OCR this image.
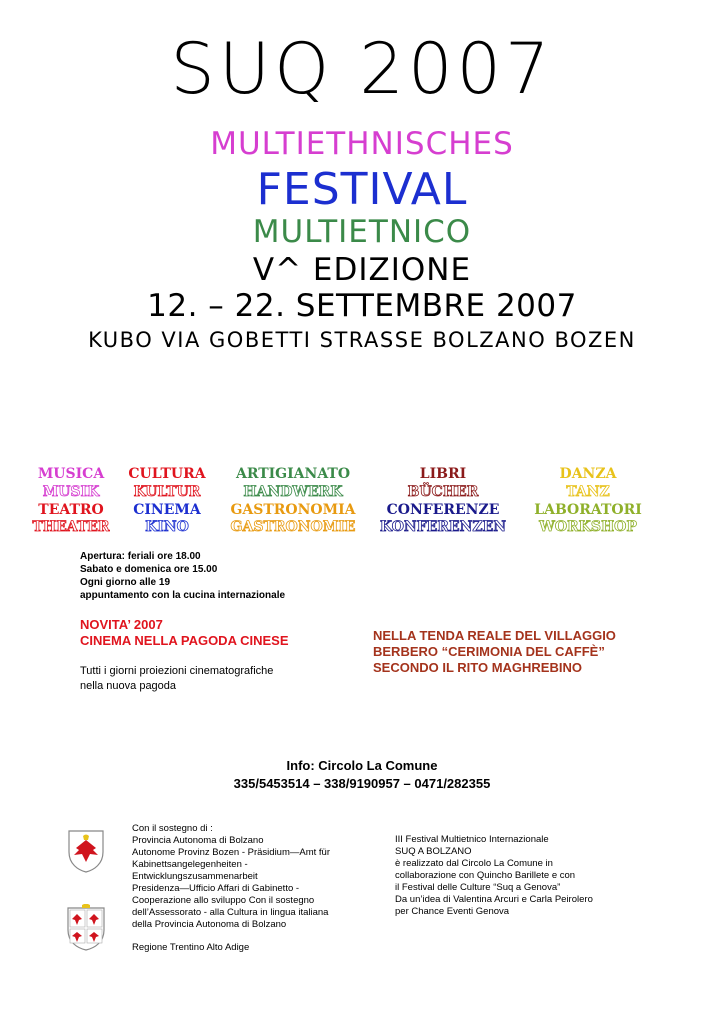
SUQ 2007
MULTIETHNISCHES
FESTIVAL
MULTIETNICO
V^ EDIZIONE
12. – 22. SETTEMBRE 2007
KUBO VIA GOBETTI STRASSE BOLZANO BOZEN
MUSICA
MUSIK
CULTURA
KULTUR
ARTIGIANATO
HANDWERK
LIBRI
BÜCHER
DANZA
TANZ
TEATRO
THEATER
CINEMA
KINO
GASTRONOMIA
GASTRONOMIE
CONFERENZE
KONFERENZEN
LABORATORI
WORKSHOP
Apertura: feriali ore 18.00
Sabato e domenica ore 15.00
Ogni giorno alle 19
appuntamento con la cucina internazionale
NOVITA’ 2007
CINEMA NELLA PAGODA CINESE
Tutti i giorni proiezioni cinematografiche
nella nuova pagoda
NELLA TENDA REALE DEL VILLAGGIO
BERBERO “CERIMONIA DEL CAFFÈ”
SECONDO IL RITO MAGHREBINO
Info: Circolo La Comune
335/5453514 – 338/9190957 – 0471/282355
Con il sostegno di :
Provincia Autonoma di Bolzano
Autonome Provinz Bozen - Präsidium—Amt für
Kabinettsangelegenheiten -
Entwicklungszusammenarbeit
Presidenza—Ufficio Affari di Gabinetto -
Cooperazione allo sviluppo Con il sostegno
dell’Assessorato - alla Cultura in lingua italiana
della Provincia Autonoma di Bolzano
Regione Trentino Alto Adige
III Festival Multietnico Internazionale
SUQ A BOLZANO
è realizzato dal Circolo La Comune in
collaborazione con Quincho Barillete e con
il Festival delle Culture “Suq a Genova”
Da un’idea di Valentina Arcuri e Carla Peirolero
per Chance Eventi Genova
